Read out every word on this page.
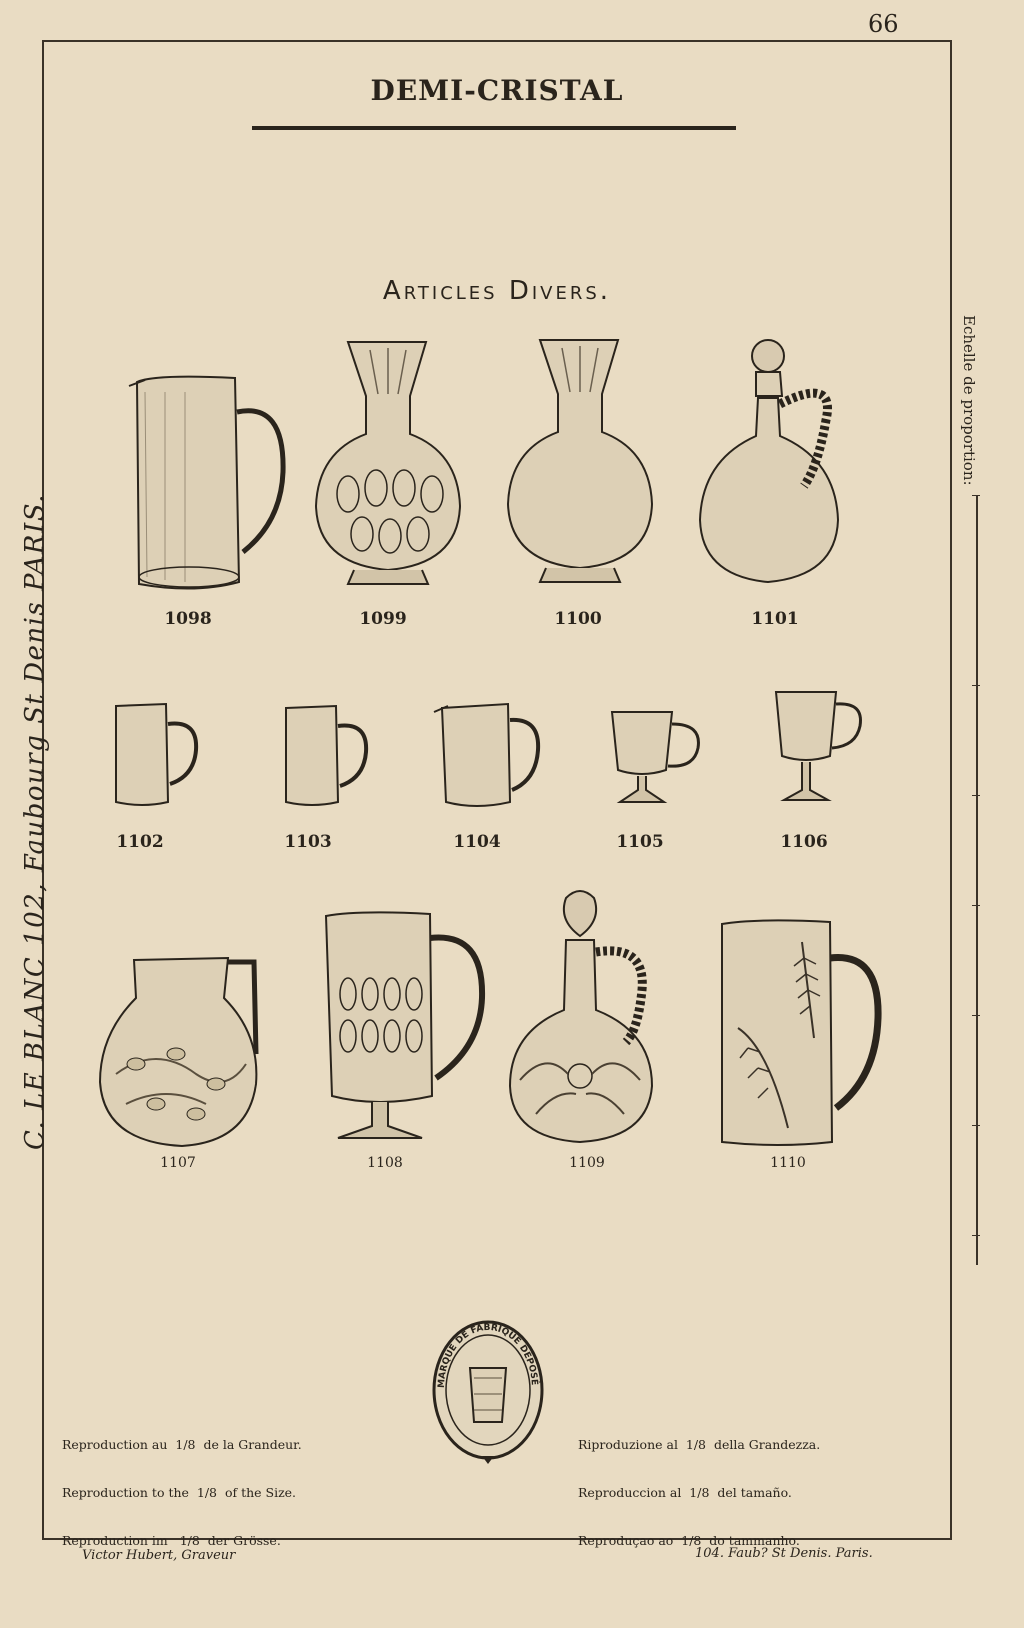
66
DEMI-CRISTAL
Articles Divers.
C. LE BLANC 102, Faubourg St Denis PARIS.
Echelle de proportion:
1098	1099	1100	1101
1102	1103	1104	1105	1106
1107	1108	1109	1110
MARQUE DE FABRIQUE DÉPOSÉE

Reproduction au  1/8  de la Grandeur.

Reproduction to the  1/8  of the Size.

Reproduction im   1/8  der Grösse.

Riproduzione al  1/8  della Grandezza.

Reproduccion al  1/8  del tamaño.

Reproduçao ao  1/8  do tammanho.

Victor Hubert, Graveur	104. Faub? St Denis. Paris.
